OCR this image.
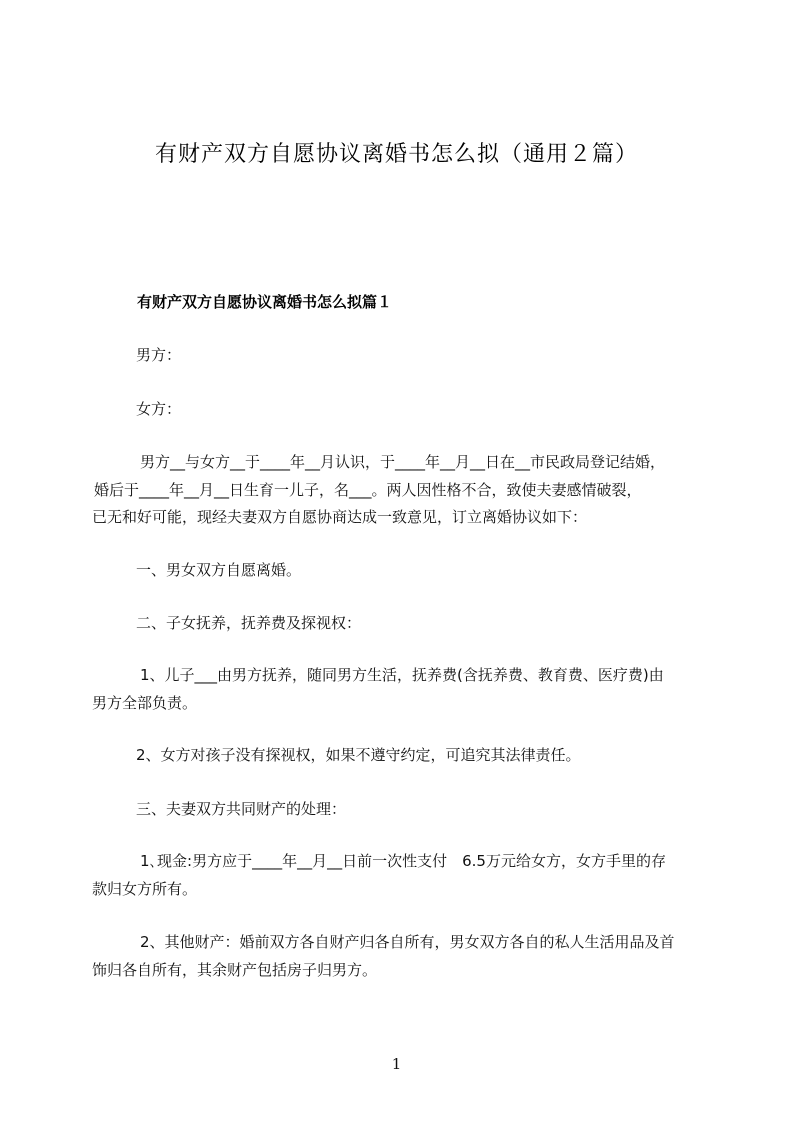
有财产双方自愿协议离婚书怎么拟（通用２篇）
有财产双方自愿协议离婚书怎么拟篇１
男方：
女方：
男方__与女方__于____年__月认识，于____年__月__日在__市民政局登记结婚，
婚后于____年__月__日生育一儿子，名___。两人因性格不合，致使夫妻感情破裂，
已无和好可能，现经夫妻双方自愿协商达成一致意见，订立离婚协议如下：
一、男女双方自愿离婚。
二、子女抚养，抚养费及探视权：
1、儿子___由男方抚养，随同男方生活，抚养费(含抚养费、教育费、医疗费)由
男方全部负责。
2、女方对孩子没有探视权，如果不遵守约定，可追究其法律责任。
三、夫妻双方共同财产的处理：
1､现金:男方应于____年__月__日前一次性支付　6.5万元给女方，女方手里的存
款归女方所有。
2、其他财产：婚前双方各自财产归各自所有，男女双方各自的私人生活用品及首
饰归各自所有，其余财产包括房子归男方。
1
